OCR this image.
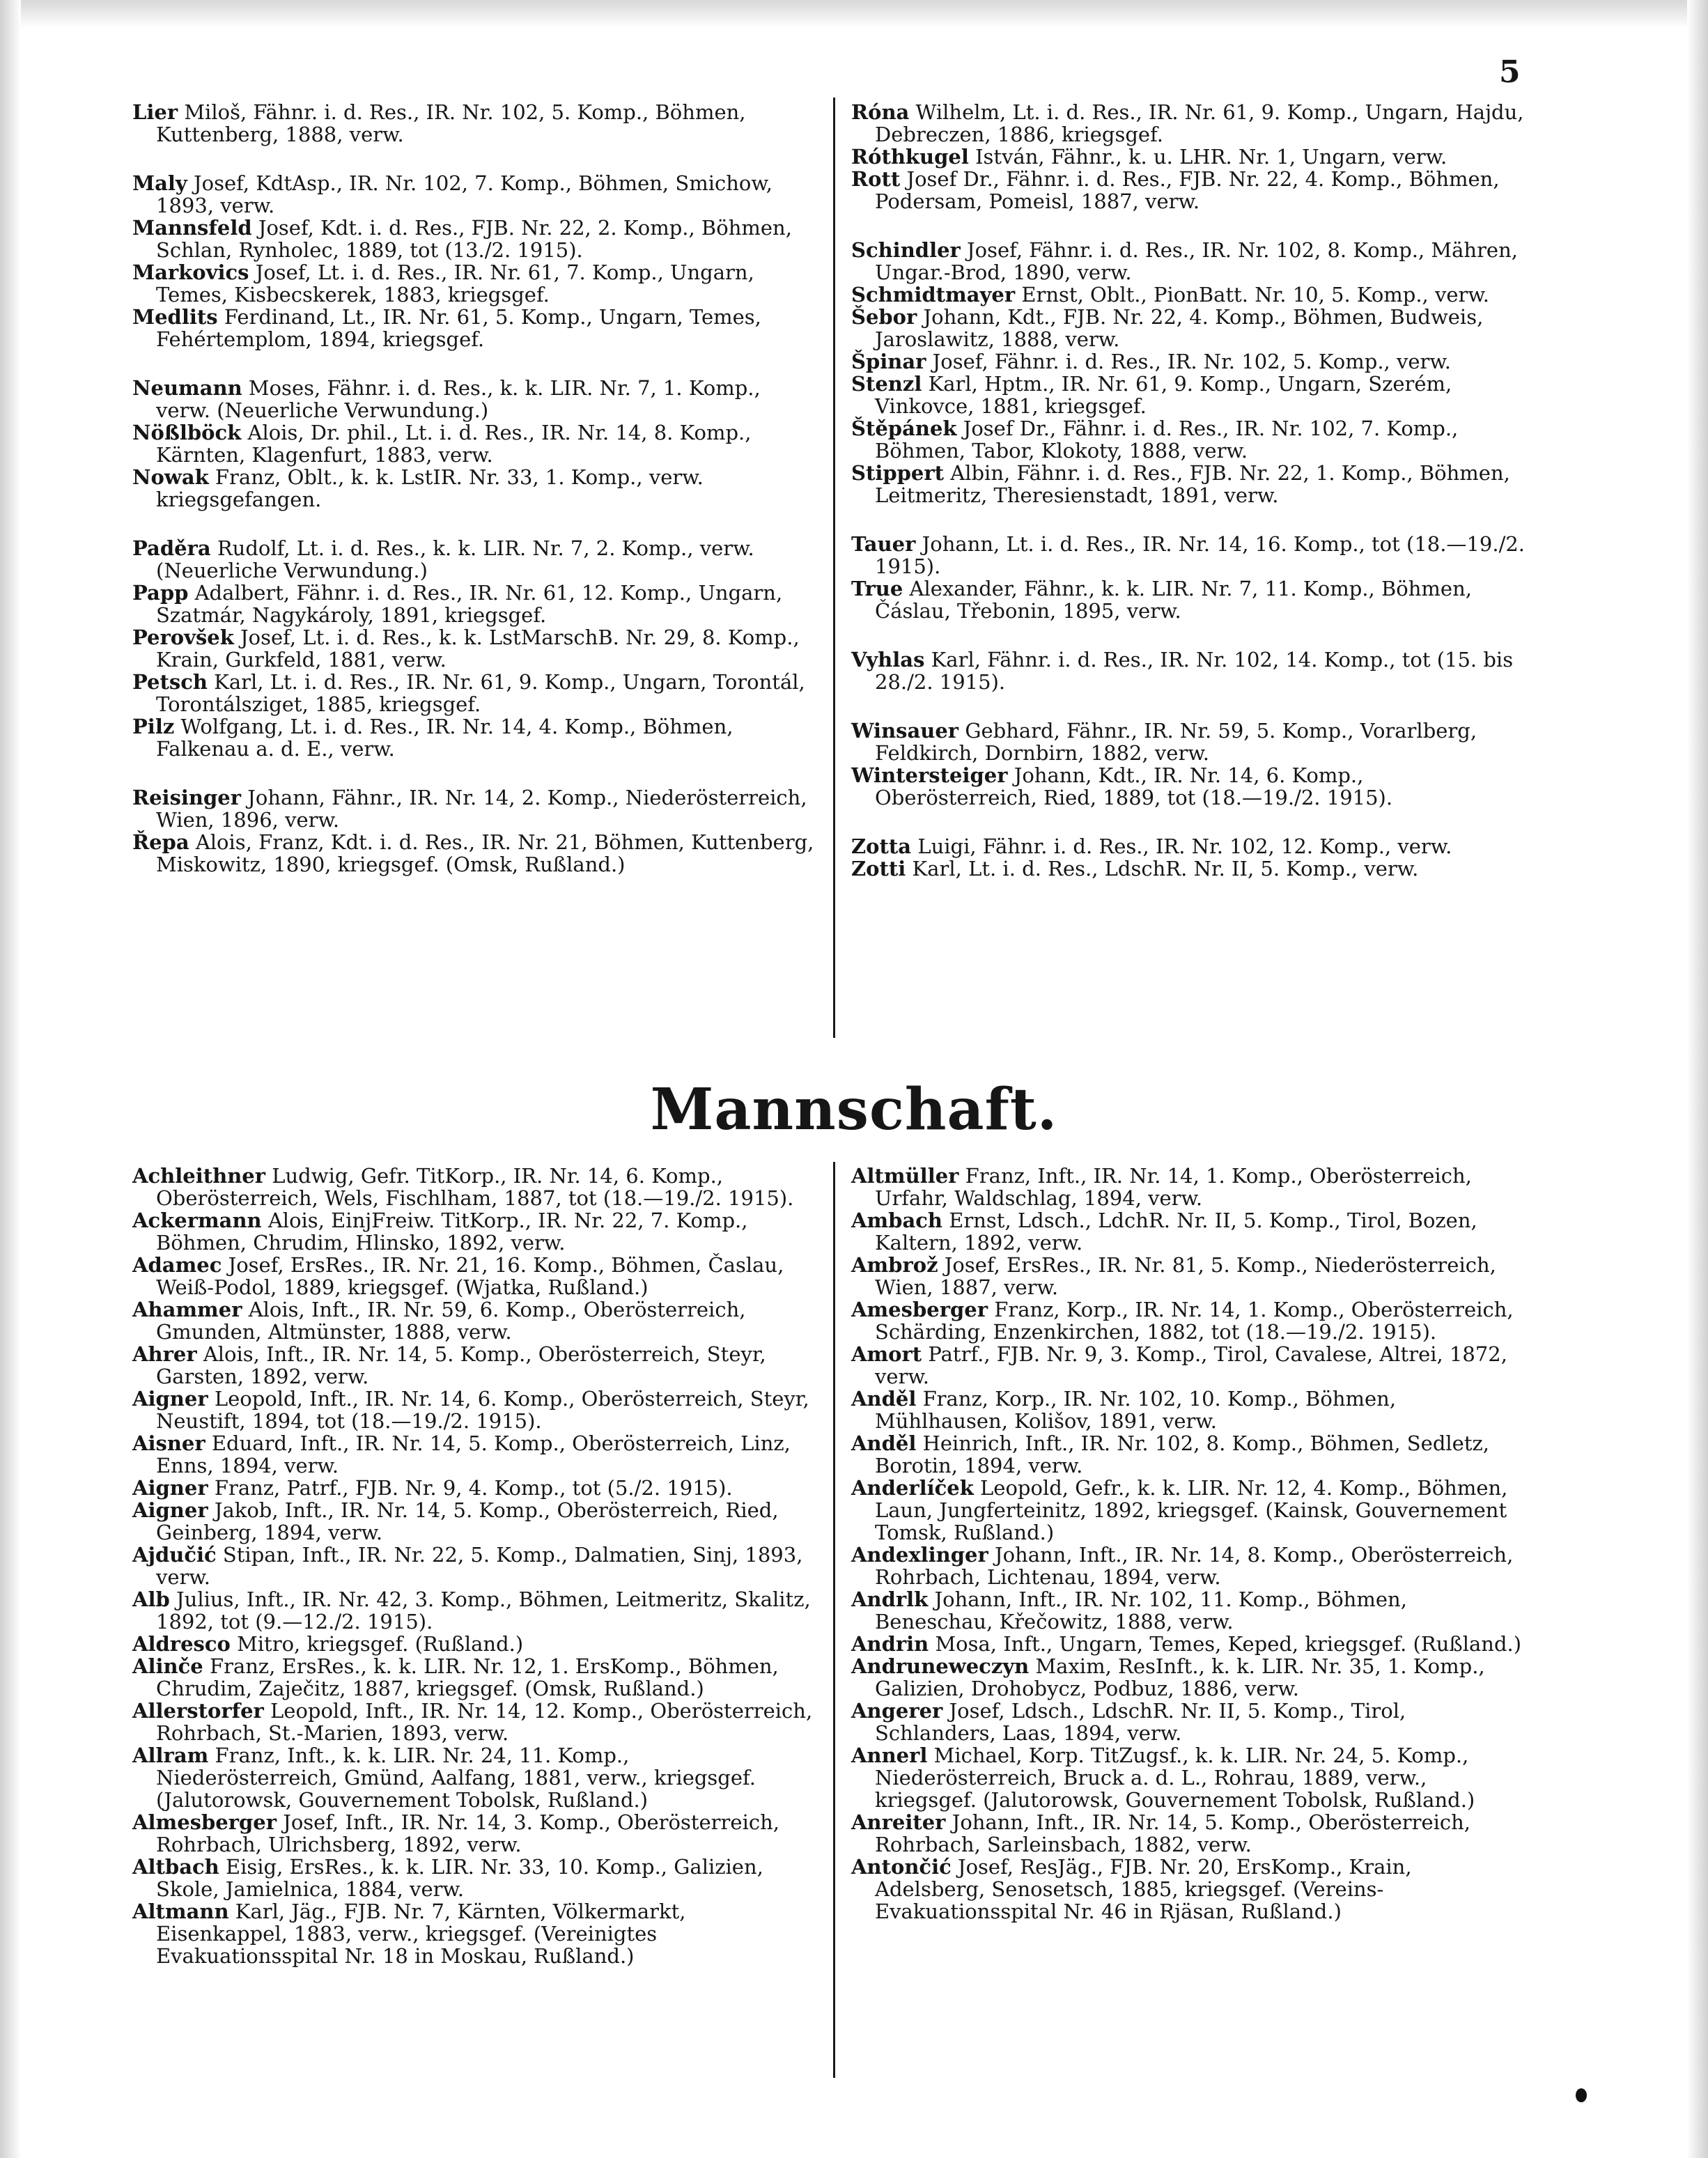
5
Lier Miloš, Fähnr. i. d. Res., IR. Nr. 102, 5. Komp., Böhmen, Kuttenberg, 1888, verw.
Maly Josef, KdtAsp., IR. Nr. 102, 7. Komp., Böhmen, Smichow, 1893, verw.
Mannsfeld Josef, Kdt. i. d. Res., FJB. Nr. 22, 2. Komp., Böhmen, Schlan, Rynholec, 1889, tot (13./2. 1915).
Markovics Josef, Lt. i. d. Res., IR. Nr. 61, 7. Komp., Ungarn, Temes, Kisbecskerek, 1883, kriegsgef.
Medlits Ferdinand, Lt., IR. Nr. 61, 5. Komp., Ungarn, Temes, Fehértemplom, 1894, kriegsgef.
Neumann Moses, Fähnr. i. d. Res., k. k. LIR. Nr. 7, 1. Komp., verw. (Neuerliche Verwundung.)
Nößlböck Alois, Dr. phil., Lt. i. d. Res., IR. Nr. 14, 8. Komp., Kärnten, Klagenfurt, 1883, verw.
Nowak Franz, Oblt., k. k. LstIR. Nr. 33, 1. Komp., verw. kriegsgefangen.
Paděra Rudolf, Lt. i. d. Res., k. k. LIR. Nr. 7, 2. Komp., verw. (Neuerliche Verwundung.)
Papp Adalbert, Fähnr. i. d. Res., IR. Nr. 61, 12. Komp., Ungarn, Szatmár, Nagykároly, 1891, kriegsgef.
Perovšek Josef, Lt. i. d. Res., k. k. LstMarschB. Nr. 29, 8. Komp., Krain, Gurkfeld, 1881, verw.
Petsch Karl, Lt. i. d. Res., IR. Nr. 61, 9. Komp., Ungarn, Torontál, Torontálsziget, 1885, kriegsgef.
Pilz Wolfgang, Lt. i. d. Res., IR. Nr. 14, 4. Komp., Böhmen, Falkenau a. d. E., verw.
Reisinger Johann, Fähnr., IR. Nr. 14, 2. Komp., Niederösterreich, Wien, 1896, verw.
Řepa Alois, Franz, Kdt. i. d. Res., IR. Nr. 21, Böhmen, Kuttenberg, Miskowitz, 1890, kriegsgef. (Omsk, Rußland.)
Róna Wilhelm, Lt. i. d. Res., IR. Nr. 61, 9. Komp., Ungarn, Hajdu, Debreczen, 1886, kriegsgef.
Róthkugel István, Fähnr., k. u. LHR. Nr. 1, Ungarn, verw.
Rott Josef Dr., Fähnr. i. d. Res., FJB. Nr. 22, 4. Komp., Böhmen, Podersam, Pomeisl, 1887, verw.
Schindler Josef, Fähnr. i. d. Res., IR. Nr. 102, 8. Komp., Mähren, Ungar.-Brod, 1890, verw.
Schmidtmayer Ernst, Oblt., PionBatt. Nr. 10, 5. Komp., verw.
Šebor Johann, Kdt., FJB. Nr. 22, 4. Komp., Böhmen, Budweis, Jaroslawitz, 1888, verw.
Špinar Josef, Fähnr. i. d. Res., IR. Nr. 102, 5. Komp., verw.
Stenzl Karl, Hptm., IR. Nr. 61, 9. Komp., Ungarn, Szerém, Vinkovce, 1881, kriegsgef.
Štěpánek Josef Dr., Fähnr. i. d. Res., IR. Nr. 102, 7. Komp., Böhmen, Tabor, Klokoty, 1888, verw.
Stippert Albin, Fähnr. i. d. Res., FJB. Nr. 22, 1. Komp., Böhmen, Leitmeritz, Theresienstadt, 1891, verw.
Tauer Johann, Lt. i. d. Res., IR. Nr. 14, 16. Komp., tot (18.—19./2. 1915).
True Alexander, Fähnr., k. k. LIR. Nr. 7, 11. Komp., Böhmen, Čáslau, Třebonin, 1895, verw.
Vyhlas Karl, Fähnr. i. d. Res., IR. Nr. 102, 14. Komp., tot (15. bis 28./2. 1915).
Winsauer Gebhard, Fähnr., IR. Nr. 59, 5. Komp., Vorarlberg, Feldkirch, Dornbirn, 1882, verw.
Wintersteiger Johann, Kdt., IR. Nr. 14, 6. Komp., Oberösterreich, Ried, 1889, tot (18.—19./2. 1915).
Zotta Luigi, Fähnr. i. d. Res., IR. Nr. 102, 12. Komp., verw.
Zotti Karl, Lt. i. d. Res., LdschR. Nr. II, 5. Komp., verw.
Mannschaft.
Achleithner Ludwig, Gefr. TitKorp., IR. Nr. 14, 6. Komp., Oberösterreich, Wels, Fischlham, 1887, tot (18.—19./2. 1915).
Ackermann Alois, EinjFreiw. TitKorp., IR. Nr. 22, 7. Komp., Böhmen, Chrudim, Hlinsko, 1892, verw.
Adamec Josef, ErsRes., IR. Nr. 21, 16. Komp., Böhmen, Časlau, Weiß-Podol, 1889, kriegsgef. (Wjatka, Rußland.)
Ahammer Alois, Inft., IR. Nr. 59, 6. Komp., Oberösterreich, Gmunden, Altmünster, 1888, verw.
Ahrer Alois, Inft., IR. Nr. 14, 5. Komp., Oberösterreich, Steyr, Garsten, 1892, verw.
Aigner Leopold, Inft., IR. Nr. 14, 6. Komp., Oberösterreich, Steyr, Neustift, 1894, tot (18.—19./2. 1915).
Aisner Eduard, Inft., IR. Nr. 14, 5. Komp., Oberösterreich, Linz, Enns, 1894, verw.
Aigner Franz, Patrf., FJB. Nr. 9, 4. Komp., tot (5./2. 1915).
Aigner Jakob, Inft., IR. Nr. 14, 5. Komp., Oberösterreich, Ried, Geinberg, 1894, verw.
Ajdučić Stipan, Inft., IR. Nr. 22, 5. Komp., Dalmatien, Sinj, 1893, verw.
Alb Julius, Inft., IR. Nr. 42, 3. Komp., Böhmen, Leitmeritz, Skalitz, 1892, tot (9.—12./2. 1915).
Aldresco Mitro, kriegsgef. (Rußland.)
Alinče Franz, ErsRes., k. k. LIR. Nr. 12, 1. ErsKomp., Böhmen, Chrudim, Zaječitz, 1887, kriegsgef. (Omsk, Rußland.)
Allerstorfer Leopold, Inft., IR. Nr. 14, 12. Komp., Oberösterreich, Rohrbach, St.-Marien, 1893, verw.
Allram Franz, Inft., k. k. LIR. Nr. 24, 11. Komp., Niederösterreich, Gmünd, Aalfang, 1881, verw., kriegsgef. (Jalutorowsk, Gouvernement Tobolsk, Rußland.)
Almesberger Josef, Inft., IR. Nr. 14, 3. Komp., Oberösterreich, Rohrbach, Ulrichsberg, 1892, verw.
Altbach Eisig, ErsRes., k. k. LIR. Nr. 33, 10. Komp., Galizien, Skole, Jamielnica, 1884, verw.
Altmann Karl, Jäg., FJB. Nr. 7, Kärnten, Völkermarkt, Eisenkappel, 1883, verw., kriegsgef. (Vereinigtes Evakuationsspital Nr. 18 in Moskau, Rußland.)
Altmüller Franz, Inft., IR. Nr. 14, 1. Komp., Oberösterreich, Urfahr, Waldschlag, 1894, verw.
Ambach Ernst, Ldsch., LdchR. Nr. II, 5. Komp., Tirol, Bozen, Kaltern, 1892, verw.
Ambrož Josef, ErsRes., IR. Nr. 81, 5. Komp., Niederösterreich, Wien, 1887, verw.
Amesberger Franz, Korp., IR. Nr. 14, 1. Komp., Oberösterreich, Schärding, Enzenkirchen, 1882, tot (18.—19./2. 1915).
Amort Patrf., FJB. Nr. 9, 3. Komp., Tirol, Cavalese, Altrei, 1872, verw.
Anděl Franz, Korp., IR. Nr. 102, 10. Komp., Böhmen, Mühlhausen, Kolišov, 1891, verw.
Anděl Heinrich, Inft., IR. Nr. 102, 8. Komp., Böhmen, Sedletz, Borotin, 1894, verw.
Anderlíček Leopold, Gefr., k. k. LIR. Nr. 12, 4. Komp., Böhmen, Laun, Jungferteinitz, 1892, kriegsgef. (Kainsk, Gouvernement Tomsk, Rußland.)
Andexlinger Johann, Inft., IR. Nr. 14, 8. Komp., Oberösterreich, Rohrbach, Lichtenau, 1894, verw.
Andrlk Johann, Inft., IR. Nr. 102, 11. Komp., Böhmen, Beneschau, Křečowitz, 1888, verw.
Andrin Mosa, Inft., Ungarn, Temes, Keped, kriegsgef. (Rußland.)
Andruneweczyn Maxim, ResInft., k. k. LIR. Nr. 35, 1. Komp., Galizien, Drohobycz, Podbuz, 1886, verw.
Angerer Josef, Ldsch., LdschR. Nr. II, 5. Komp., Tirol, Schlanders, Laas, 1894, verw.
Annerl Michael, Korp. TitZugsf., k. k. LIR. Nr. 24, 5. Komp., Niederösterreich, Bruck a. d. L., Rohrau, 1889, verw., kriegsgef. (Jalutorowsk, Gouvernement Tobolsk, Rußland.)
Anreiter Johann, Inft., IR. Nr. 14, 5. Komp., Oberösterreich, Rohrbach, Sarleinsbach, 1882, verw.
Antončić Josef, ResJäg., FJB. Nr. 20, ErsKomp., Krain, Adelsberg, Senosetsch, 1885, kriegsgef. (Vereins-Evakuationsspital Nr. 46 in Rjäsan, Rußland.)
